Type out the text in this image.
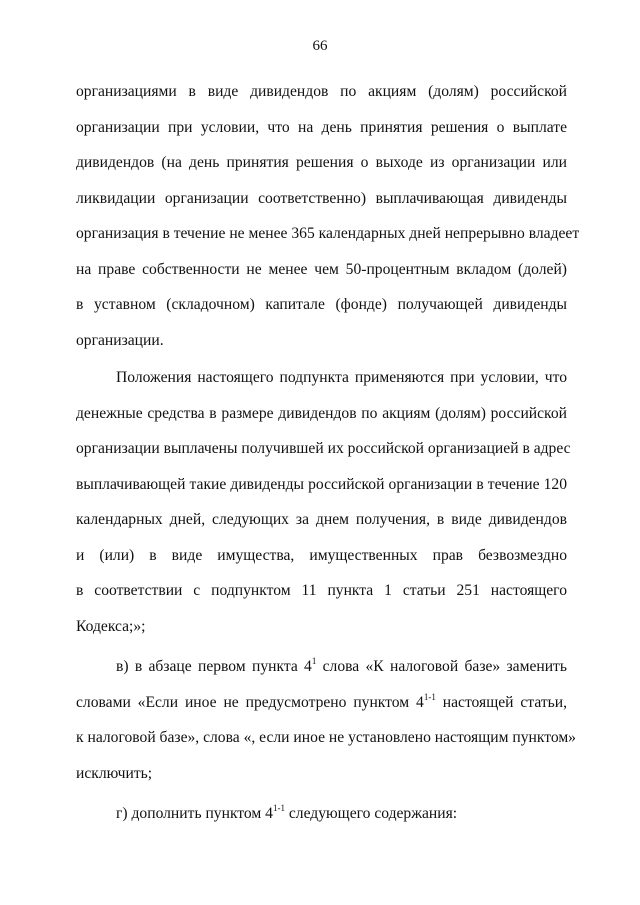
66
организациями в виде дивидендов по акциям (долям) российской
организации при условии, что на день принятия решения о выплате
дивидендов (на день принятия решения о выходе из организации или
ликвидации организации соответственно) выплачивающая дивиденды
организация в течение не менее 365 календарных дней непрерывно владеет
на праве собственности не менее чем 50-процентным вкладом (долей)
в уставном (складочном) капитале (фонде) получающей дивиденды
организации.
Положения настоящего подпункта применяются при условии, что
денежные средства в размере дивидендов по акциям (долям) российской
организации выплачены получившей их российской организацией в адрес
выплачивающей такие дивиденды российской организации в течение 120
календарных дней, следующих за днем получения, в виде дивидендов
и (или) в виде имущества, имущественных прав безвозмездно
в соответствии с подпунктом 11 пункта 1 статьи 251 настоящего
Кодекса;»;
в) в абзаце первом пункта $4^1$ слова «К налоговой базе» заменить
словами «Если иное не предусмотрено пунктом 4$^{1-1}$ настоящей статьи,
к налоговой базе», слова «, если иное не установлено настоящим пунктом»
исключить;
г) дополнить пунктом 4$^{1-1}$ следующего содержания:
